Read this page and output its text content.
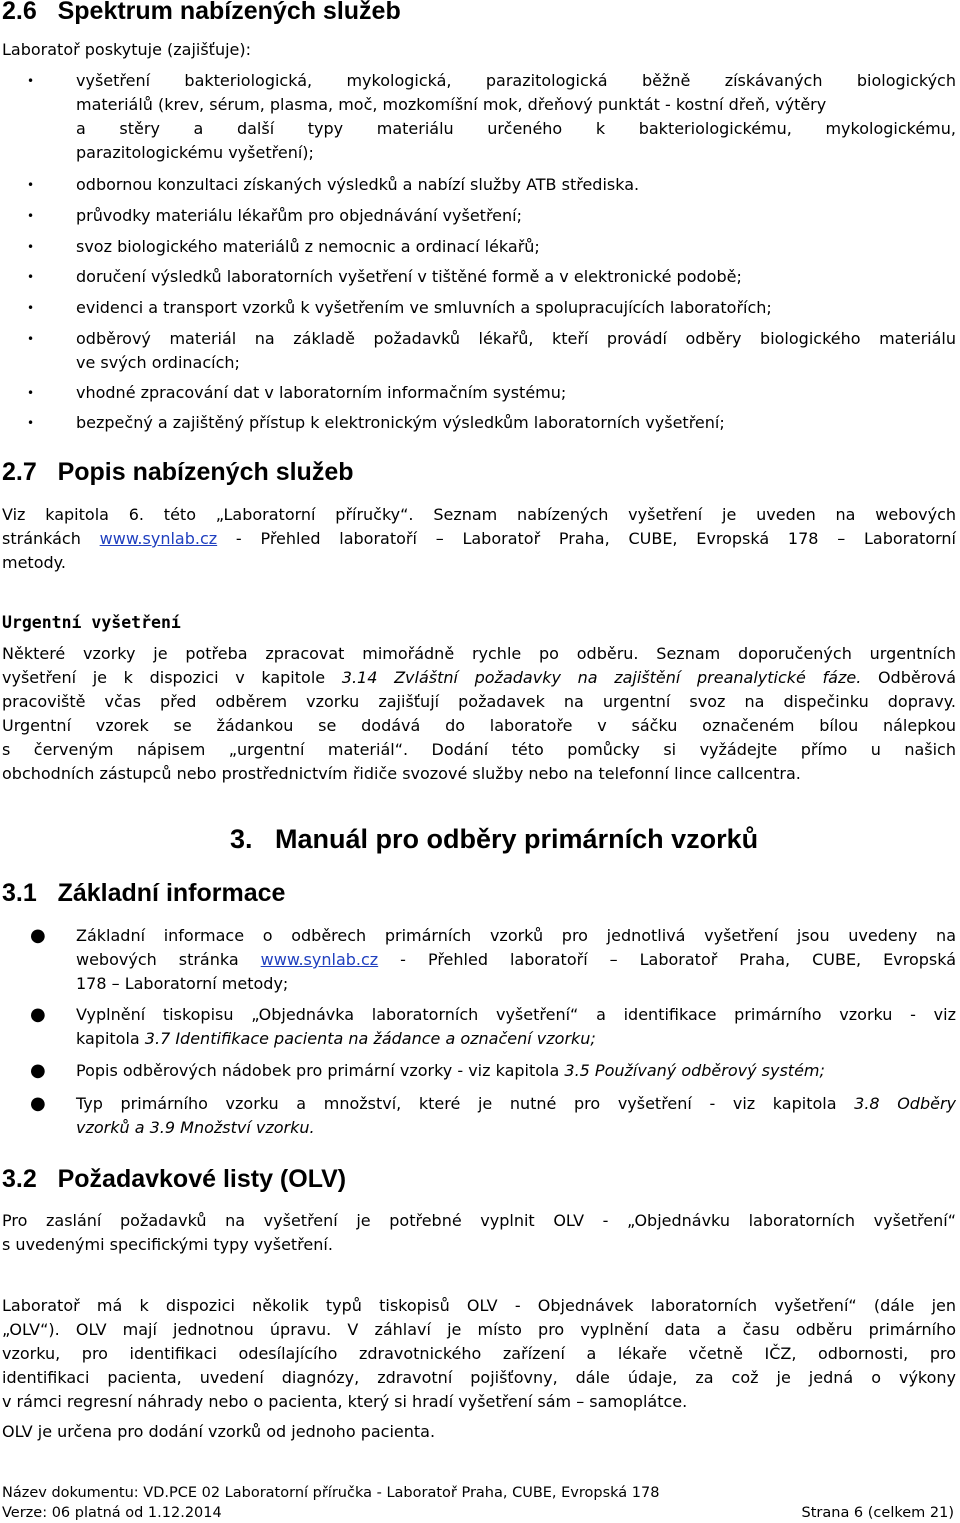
2.6   Spektrum nabízených služeb
Laboratoř poskytuje (zajišťuje):
•	vyšetření bakteriologická, mykologická, parazitologická běžně získávaných biologických
materiálů (krev, sérum, plasma, moč, mozkomíšní mok, dřeňový punktát - kostní dřeň, výtěry
a stěry a další typy materiálu určeného k bakteriologickému, mykologickému,
parazitologickému vyšetření);
•	odbornou konzultaci získaných výsledků a nabízí služby ATB střediska.
•	průvodky materiálu lékařům pro objednávání vyšetření;
•	svoz biologického materiálů z nemocnic a ordinací lékařů;
•	doručení výsledků laboratorních vyšetření v tištěné formě a v elektronické podobě;
•	evidenci a transport vzorků k vyšetřením ve smluvních a spolupracujících laboratořích;
•	odběrový materiál na základě požadavků lékařů, kteří provádí odběry biologického materiálu
ve svých ordinacích;
•	vhodné zpracování dat v laboratorním informačním systému;
•	bezpečný a zajištěný přístup k elektronickým výsledkům laboratorních vyšetření;
2.7   Popis nabízených služeb
Viz kapitola 6. této „Laboratorní příručky“. Seznam nabízených vyšetření je uveden na webových
stránkách www.synlab.cz - Přehled laboratoří – Laboratoř Praha, CUBE, Evropská 178 – Laboratorní
metody.
Urgentní vyšetření
Některé vzorky je potřeba zpracovat mimořádně rychle po odběru. Seznam doporučených urgentních
vyšetření je k dispozici v kapitole 3.14 Zvláštní požadavky na zajištění preanalytické fáze. Odběrová
pracoviště včas před odběrem vzorku zajišťují požadavek na urgentní svoz na dispečinku dopravy.
Urgentní vzorek se žádankou se dodává do laboratoře v sáčku označeném bílou nálepkou
s červeným nápisem „urgentní materiál“. Dodání této pomůcky si vyžádejte přímo u našich
obchodních zástupců nebo prostřednictvím řidiče svozové služby nebo na telefonní lince callcentra.
3.   Manuál pro odběry primárních vzorků
3.1   Základní informace
● Základní informace o odběrech primárních vzorků pro jednotlivá vyšetření jsou uvedeny na
webových stránka www.synlab.cz - Přehled laboratoří – Laboratoř Praha, CUBE, Evropská
178 – Laboratorní metody;
● Vyplnění tiskopisu „Objednávka laboratorních vyšetření“ a identifikace primárního vzorku - viz
kapitola 3.7 Identifikace pacienta na žádance a označení vzorku;
● Popis odběrových nádobek pro primární vzorky - viz kapitola 3.5 Používaný odběrový systém;
● Typ primárního vzorku a množství, které je nutné pro vyšetření - viz kapitola 3.8 Odběry
vzorků a 3.9 Množství vzorku.
3.2   Požadavkové listy (OLV)
Pro zaslání požadavků na vyšetření je potřebné vyplnit OLV - „Objednávku laboratorních vyšetření“
s uvedenými specifickými typy vyšetření.
Laboratoř má k dispozici několik typů tiskopisů OLV - Objednávek laboratorních vyšetření“ (dále jen
„OLV“). OLV mají jednotnou úpravu. V záhlaví je místo pro vyplnění data a času odběru primárního
vzorku, pro identifikaci odesílajícího zdravotnického zařízení a lékaře včetně IČZ, odbornosti, pro
identifikaci pacienta, uvedení diagnózy, zdravotní pojišťovny, dále údaje, za což je jedná o výkony
v rámci regresní náhrady nebo o pacienta, který si hradí vyšetření sám – samoplátce.
OLV je určena pro dodání vzorků od jednoho pacienta.
Název dokumentu: VD.PCE 02 Laboratorní příručka - Laboratoř Praha, CUBE, Evropská 178
Verze: 06 platná od 1.12.2014	Strana 6 (celkem 21)
